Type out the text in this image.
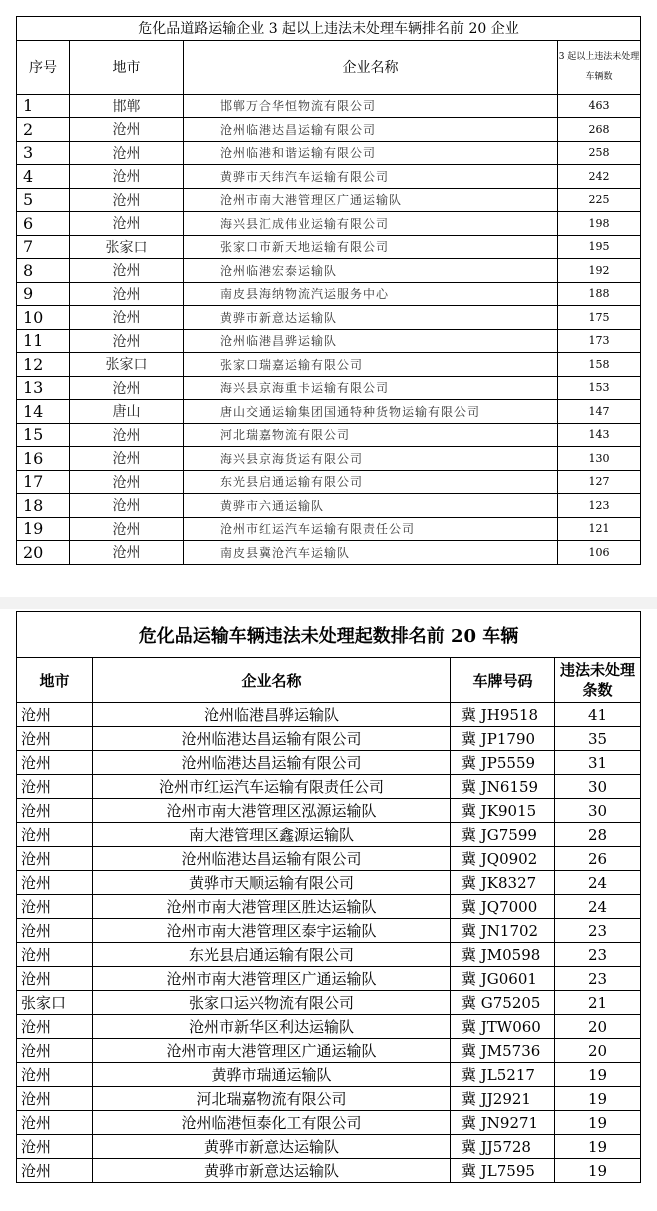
危化品道路运输企业 3 起以上违法未处理车辆排名前 20 企业			
序号	地市	企业名称	3 起以上违法未处理车辆数
1	邯郸	邯郸万合华恒物流有限公司	463
2	沧州	沧州临港达昌运输有限公司	268
3	沧州	沧州临港和谐运输有限公司	258
4	沧州	黄骅市天纬汽车运输有限公司	242
5	沧州	沧州市南大港管理区广通运输队	225
6	沧州	海兴县汇成伟业运输有限公司	198
7	张家口	张家口市新天地运输有限公司	195
8	沧州	沧州临港宏泰运输队	192
9	沧州	南皮县海纳物流汽运服务中心	188
10	沧州	黄骅市新意达运输队	175
11	沧州	沧州临港昌骅运输队	173
12	张家口	张家口瑞嘉运输有限公司	158
13	沧州	海兴县京海重卡运输有限公司	153
14	唐山	唐山交通运输集团国通特种货物运输有限公司	147
15	沧州	河北瑞嘉物流有限公司	143
16	沧州	海兴县京海货运有限公司	130
17	沧州	东光县启通运输有限公司	127
18	沧州	黄骅市六通运输队	123
19	沧州	沧州市红运汽车运输有限责任公司	121
20	沧州	南皮县冀沧汽车运输队	106
危化品运输车辆违法未处理起数排名前 20 车辆			
地市	企业名称	车牌号码	违法未处理条数
沧州	沧州临港昌骅运输队	冀 JH9518	41
沧州	沧州临港达昌运输有限公司	冀 JP1790	35
沧州	沧州临港达昌运输有限公司	冀 JP5559	31
沧州	沧州市红运汽车运输有限责任公司	冀 JN6159	30
沧州	沧州市南大港管理区泓源运输队	冀 JK9015	30
沧州	南大港管理区鑫源运输队	冀 JG7599	28
沧州	沧州临港达昌运输有限公司	冀 JQ0902	26
沧州	黄骅市天顺运输有限公司	冀 JK8327	24
沧州	沧州市南大港管理区胜达运输队	冀 JQ7000	24
沧州	沧州市南大港管理区泰宇运输队	冀 JN1702	23
沧州	东光县启通运输有限公司	冀 JM0598	23
沧州	沧州市南大港管理区广通运输队	冀 JG0601	23
张家口	张家口运兴物流有限公司	冀 G75205	21
沧州	沧州市新华区利达运输队	冀 JTW060	20
沧州	沧州市南大港管理区广通运输队	冀 JM5736	20
沧州	黄骅市瑞通运输队	冀 JL5217	19
沧州	河北瑞嘉物流有限公司	冀 JJ2921	19
沧州	沧州临港恒泰化工有限公司	冀 JN9271	19
沧州	黄骅市新意达运输队	冀 JJ5728	19
沧州	黄骅市新意达运输队	冀 JL7595	19
